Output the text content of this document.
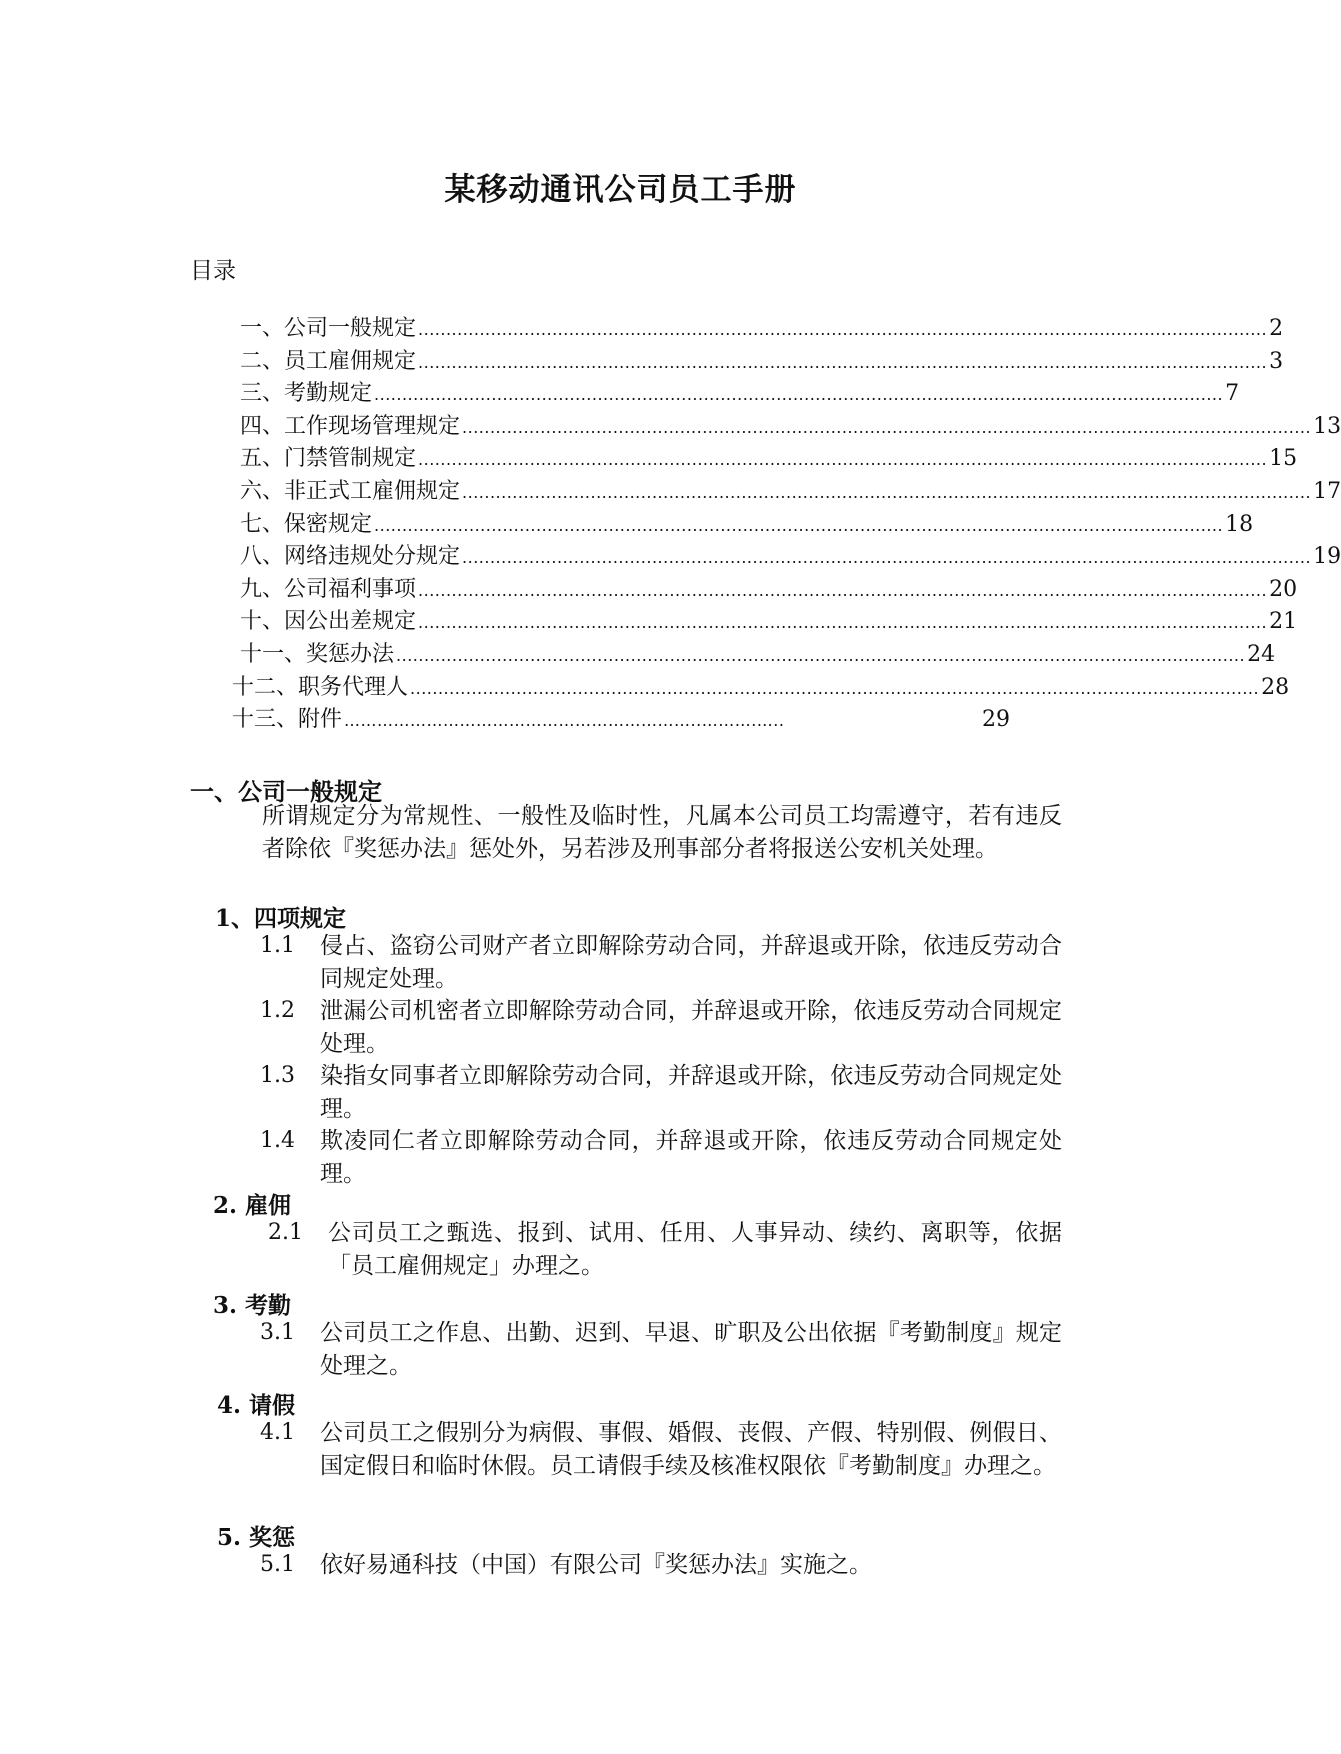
某移动通讯公司员工手册
目录
一、公司一般规定 ........................................................................................................................................................ 2
二、员工雇佣规定 ........................................................................................................................................................ 3
三、考勤规定 ........................................................................................................................................................ 7
四、工作现场管理规定 ........................................................................................................................................................ 13
五、门禁管制规定 ........................................................................................................................................................ 15
六、非正式工雇佣规定 ........................................................................................................................................................ 17
七、保密规定 ........................................................................................................................................................ 18
八、网络违规处分规定 ........................................................................................................................................................ 19
九、公司福利事项 ........................................................................................................................................................ 20
十、因公出差规定 ........................................................................................................................................................ 21
十一、奖惩办法 ........................................................................................................................................................ 24
十二、职务代理人 ........................................................................................................................................................ 28
十三、附件 ………………………………………………………..……….…..	29
一、公司一般规定
所谓规定分为常规性、一般性及临时性，凡属本公司员工均需遵守，若有违反者除依『奖惩办法』惩处外，另若涉及刑事部分者将报送公安机关处理。
1、四项规定
1.1	侵占、盗窃公司财产者立即解除劳动合同，并辞退或开除，依违反劳动合同规定处理。
1.2	泄漏公司机密者立即解除劳动合同，并辞退或开除，依违反劳动合同规定处理。
1.3	染指女同事者立即解除劳动合同，并辞退或开除，依违反劳动合同规定处理。
1.4	欺凌同仁者立即解除劳动合同，并辞退或开除，依违反劳动合同规定处理。
2. 雇佣
2.1	公司员工之甄选、报到、试用、任用、人事异动、续约、离职等，依据「员工雇佣规定」办理之。
3. 考勤
3.1	公司员工之作息、出勤、迟到、早退、旷职及公出依据『考勤制度』规定处理之。
4. 请假
4.1	公司员工之假别分为病假、事假、婚假、丧假、产假、特别假、例假日、国定假日和临时休假。员工请假手续及核准权限依『考勤制度』办理之。
5. 奖惩
5.1	依好易通科技（中国）有限公司『奖惩办法』实施之。
